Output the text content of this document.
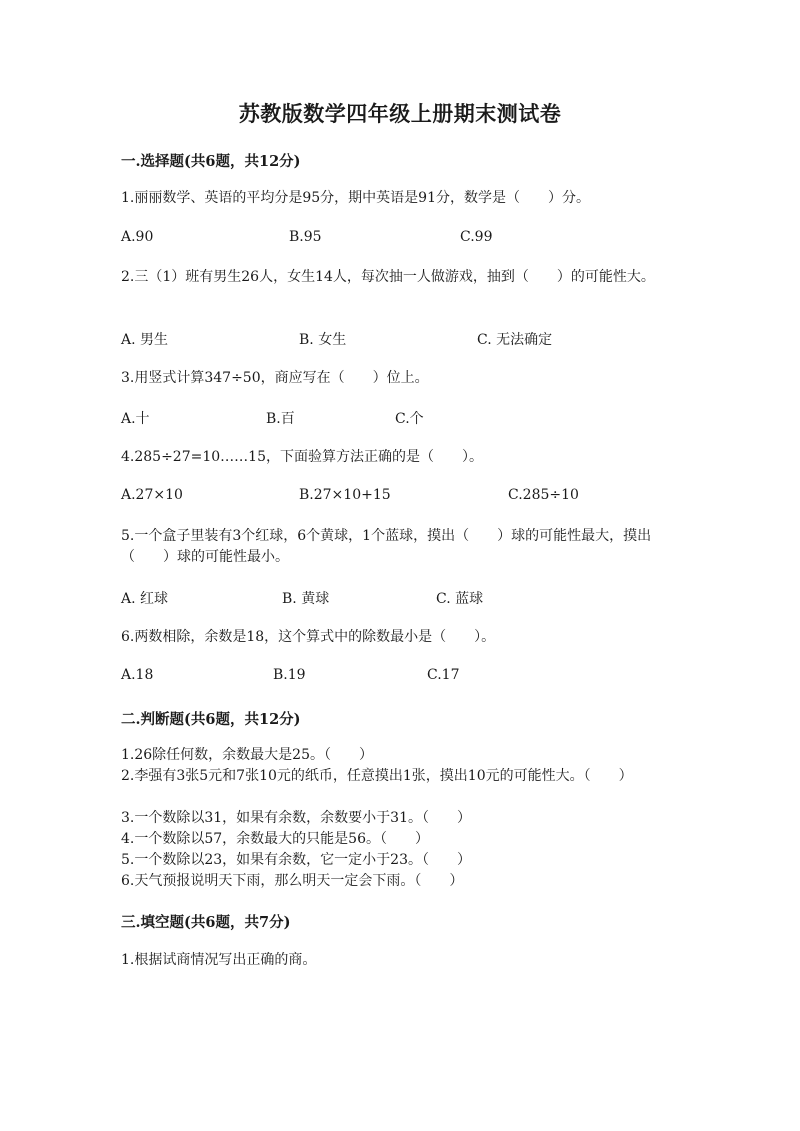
苏教版数学四年级上册期末测试卷
一.选择题(共6题，共12分)
1.丽丽数学、英语的平均分是95分，期中英语是91分，数学是（　　）分。
A.90	B.95	C.99
2.三（1）班有男生26人，女生14人，每次抽一人做游戏，抽到（　　）的可能性大。
A. 男生	B. 女生	C. 无法确定
3.用竖式计算347÷50，商应写在（　　）位上。
A.十	B.百	C.个
4.285÷27=10……15，下面验算方法正确的是（　　）。
A.27×10	B.27×10+15	C.285÷10
5.一个盒子里装有3个红球，6个黄球，1个蓝球，摸出（　　）球的可能性最大，摸出（　　）球的可能性最小。
A. 红球	B. 黄球	C. 蓝球
6.两数相除，余数是18，这个算式中的除数最小是（　　）。
A.18	B.19	C.17
二.判断题(共6题，共12分)
1.26除任何数，余数最大是25。（　　）
2.李强有3张5元和7张10元的纸币，任意摸出1张，摸出10元的可能性大。（　　）
3.一个数除以31，如果有余数，余数要小于31。（　　）
4.一个数除以57，余数最大的只能是56。（　　）
5.一个数除以23，如果有余数，它一定小于23。（　　）
6.天气预报说明天下雨，那么明天一定会下雨。（　　）
三.填空题(共6题，共7分)
1.根据试商情况写出正确的商。
